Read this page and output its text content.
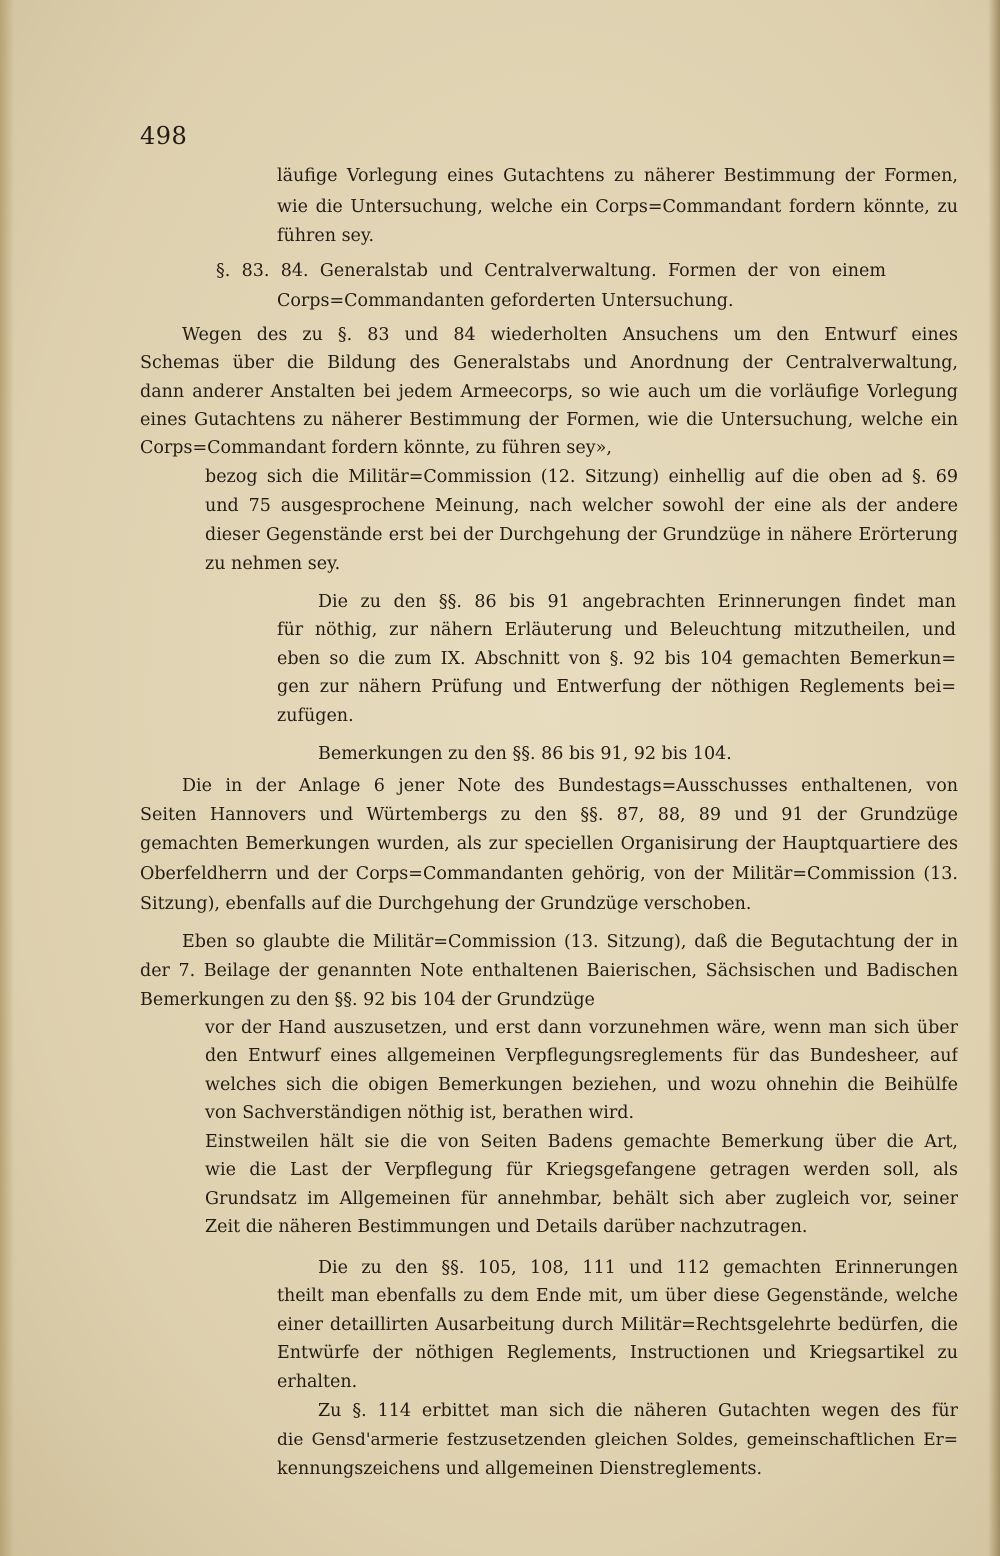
498
läufige Vorlegung eines Gutachtens zu näherer Bestimmung der Formen,
wie die Untersuchung, welche ein Corps=Commandant fordern könnte, zu
führen sey.
§. 83. 84. Generalstab und Centralverwaltung. Formen der von einem
Corps=Commandanten geforderten Untersuchung.
Wegen des zu §. 83 und 84 wiederholten Ansuchens um den Entwurf eines
Schemas über die Bildung des Generalstabs und Anordnung der Centralverwaltung,
dann anderer Anstalten bei jedem Armeecorps, so wie auch um die vorläufige Vorlegung
eines Gutachtens zu näherer Bestimmung der Formen, wie die Untersuchung, welche ein
Corps=Commandant fordern könnte, zu führen sey»,
bezog sich die Militär=Commission (12. Sitzung) einhellig auf die oben ad §. 69
und 75 ausgesprochene Meinung, nach welcher sowohl der eine als der andere
dieser Gegenstände erst bei der Durchgehung der Grundzüge in nähere Erörterung
zu nehmen sey.
Die zu den §§. 86 bis 91 angebrachten Erinnerungen findet man
für nöthig, zur nähern Erläuterung und Beleuchtung mitzutheilen, und
eben so die zum IX. Abschnitt von §. 92 bis 104 gemachten Bemerkun=
gen zur nähern Prüfung und Entwerfung der nöthigen Reglements bei=
zufügen.
Bemerkungen zu den §§. 86 bis 91, 92 bis 104.
Die in der Anlage 6 jener Note des Bundestags=Ausschusses enthaltenen, von
Seiten Hannovers und Würtembergs zu den §§. 87, 88, 89 und 91 der Grundzüge
gemachten Bemerkungen wurden, als zur speciellen Organisirung der Hauptquartiere des
Oberfeldherrn und der Corps=Commandanten gehörig, von der Militär=Commission (13.
Sitzung), ebenfalls auf die Durchgehung der Grundzüge verschoben.
Eben so glaubte die Militär=Commission (13. Sitzung), daß die Begutachtung der in
der 7. Beilage der genannten Note enthaltenen Baierischen, Sächsischen und Badischen
Bemerkungen zu den §§. 92 bis 104 der Grundzüge
vor der Hand auszusetzen, und erst dann vorzunehmen wäre, wenn man sich über
den Entwurf eines allgemeinen Verpflegungsreglements für das Bundesheer, auf
welches sich die obigen Bemerkungen beziehen, und wozu ohnehin die Beihülfe
von Sachverständigen nöthig ist, berathen wird.
Einstweilen hält sie die von Seiten Badens gemachte Bemerkung über die Art,
wie die Last der Verpflegung für Kriegsgefangene getragen werden soll, als
Grundsatz im Allgemeinen für annehmbar, behält sich aber zugleich vor, seiner
Zeit die näheren Bestimmungen und Details darüber nachzutragen.
Die zu den §§. 105, 108, 111 und 112 gemachten Erinnerungen
theilt man ebenfalls zu dem Ende mit, um über diese Gegenstände, welche
einer detaillirten Ausarbeitung durch Militär=Rechtsgelehrte bedürfen, die
Entwürfe der nöthigen Reglements, Instructionen und Kriegsartikel zu
erhalten.
Zu §. 114 erbittet man sich die näheren Gutachten wegen des für
die Gensd'armerie festzusetzenden gleichen Soldes, gemeinschaftlichen Er=
kennungszeichens und allgemeinen Dienstreglements.
